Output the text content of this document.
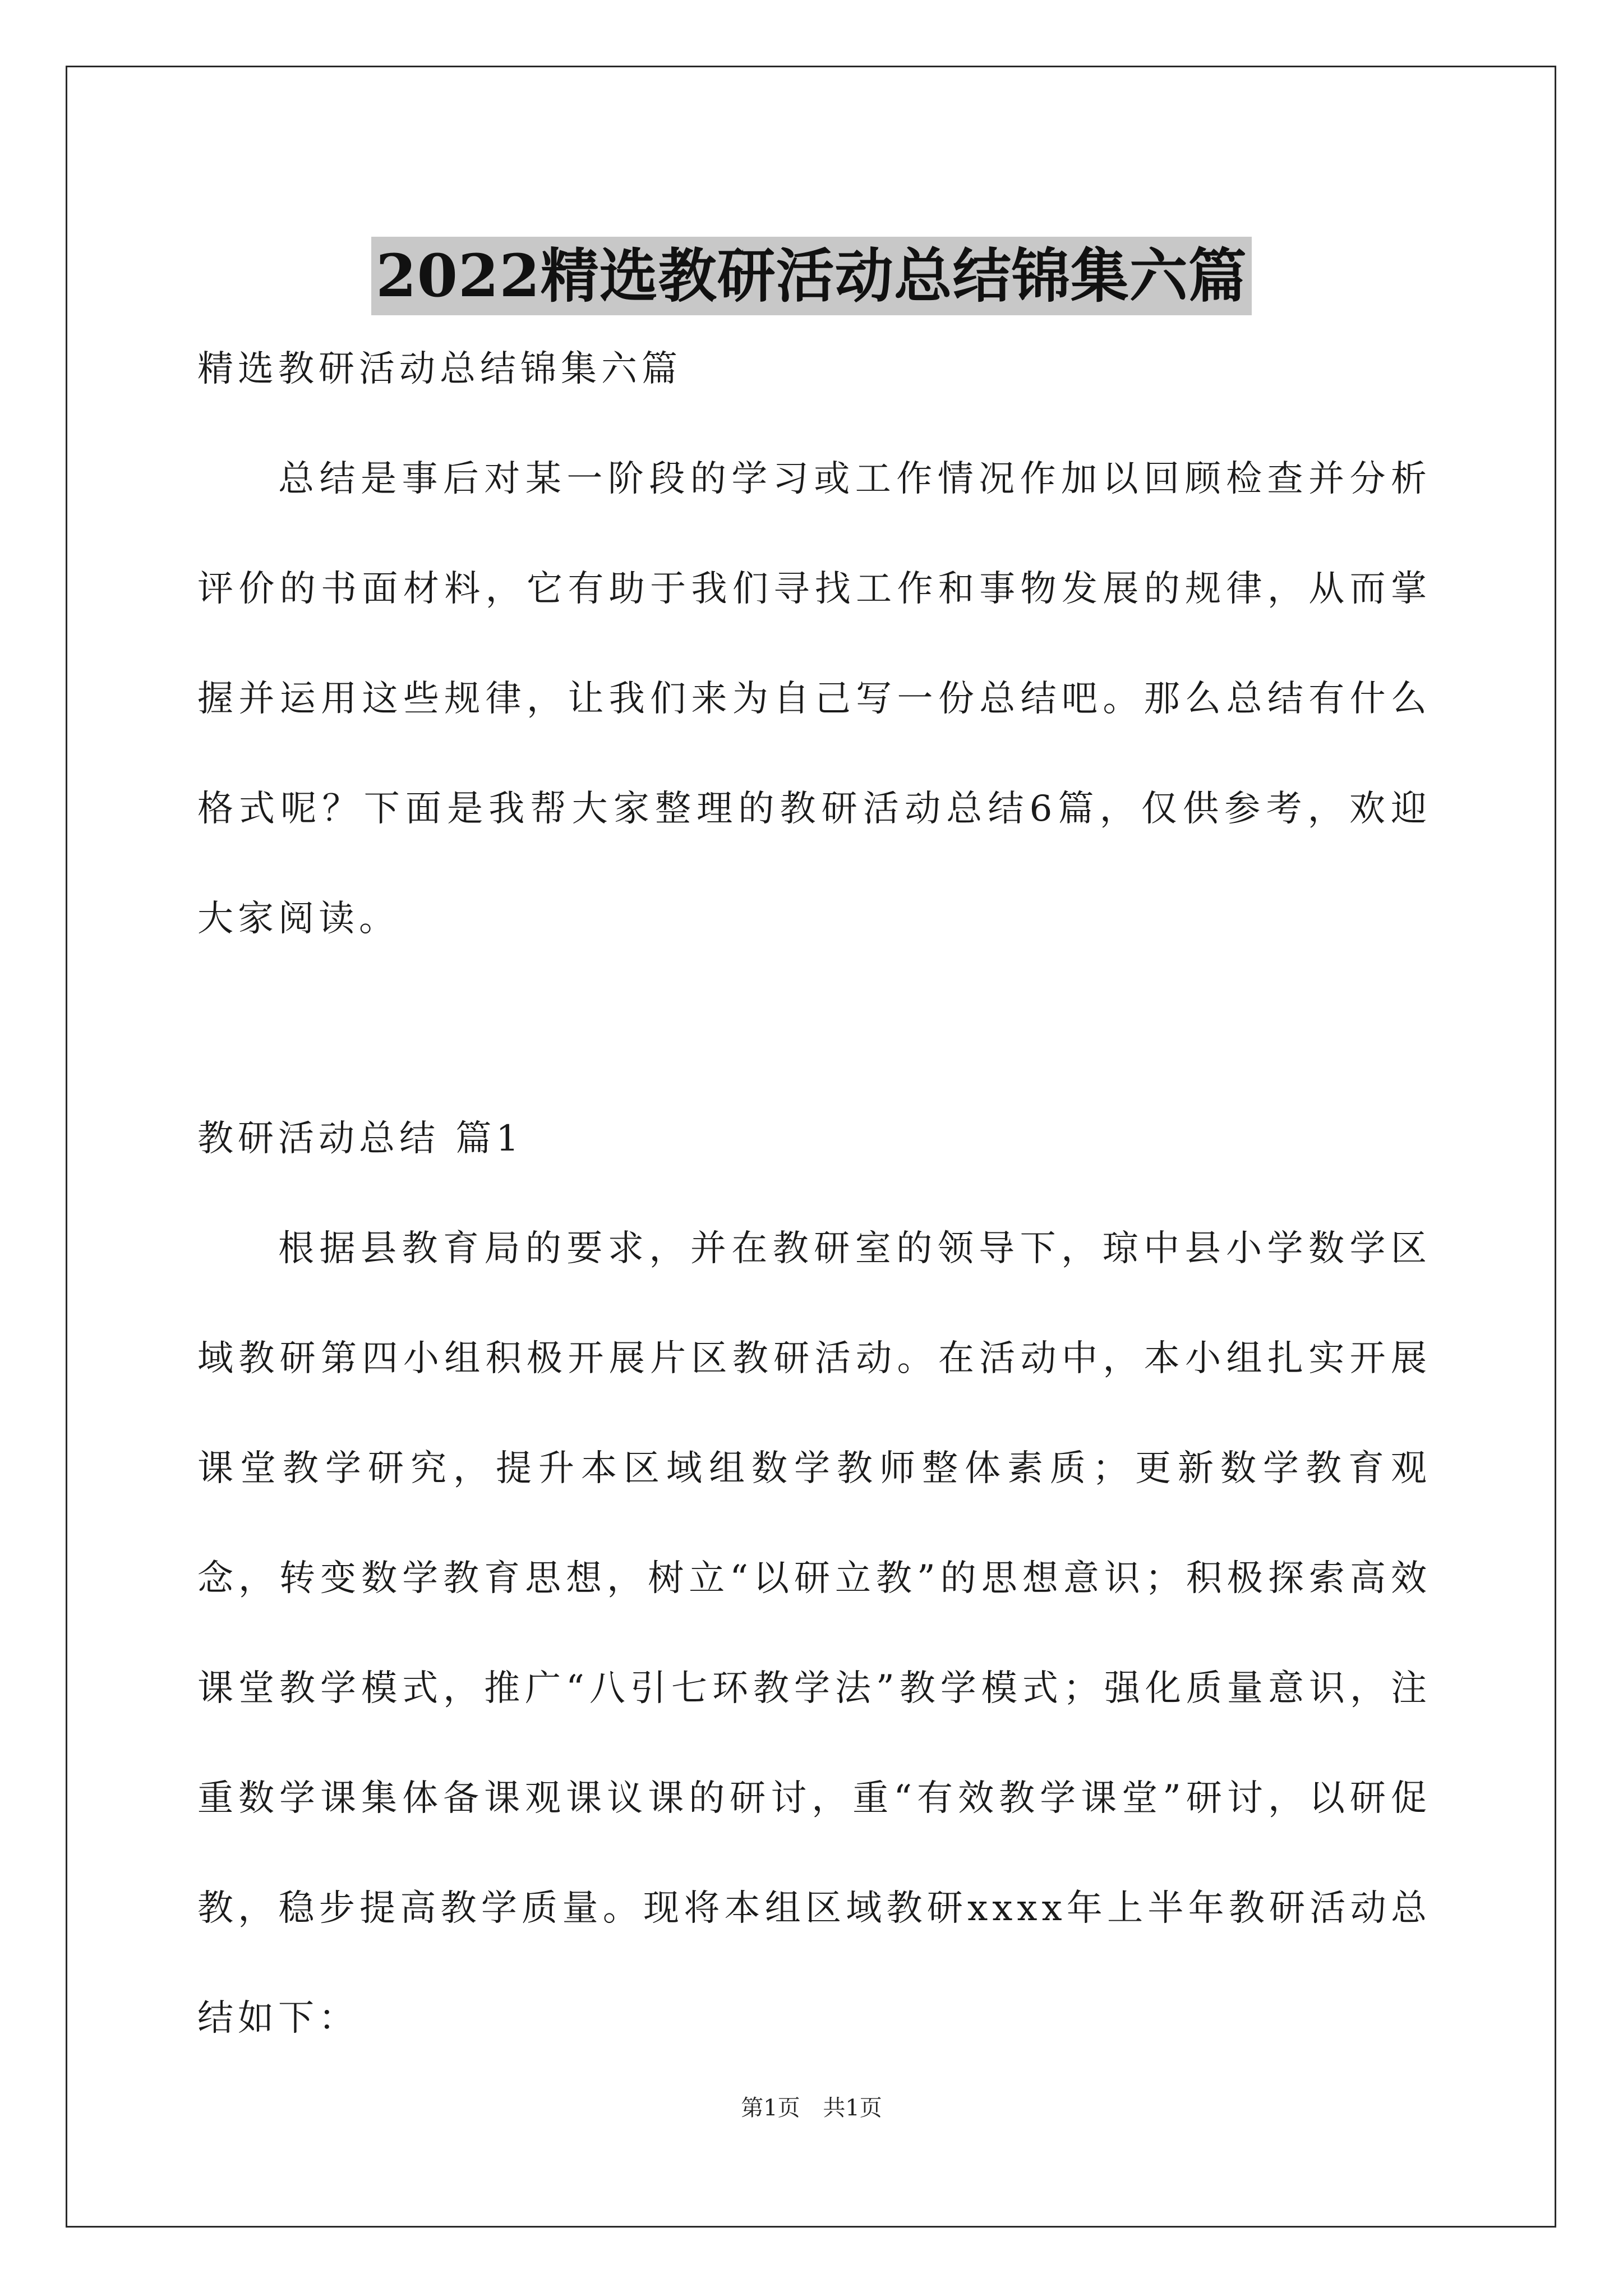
2022精选教研活动总结锦集六篇

精选教研活动总结锦集六篇

总结是事后对某一阶段的学习或工作情况作加以回顾检查并分析评价的书面材料，它有助于我们寻找工作和事物发展的规律，从而掌握并运用这些规律，让我们来为自己写一份总结吧。那么总结有什么格式呢？下面是我帮大家整理的教研活动总结6篇，仅供参考，欢迎大家阅读。

教研活动总结 篇1

根据县教育局的要求，并在教研室的领导下，琼中县小学数学区域教研第四小组积极开展片区教研活动。在活动中，本小组扎实开展课堂教学研究，提升本区域组数学教师整体素质；更新数学教育观念，转变数学教育思想，树立“以研立教”的思想意识；积极探索高效课堂教学模式，推广“八引七环教学法”教学模式；强化质量意识，注重数学课集体备课观课议课的研讨，重“有效教学课堂”研讨，以研促教，稳步提高教学质量。现将本组区域教研xxxx年上半年教研活动总结如下：

第1页 共1页
